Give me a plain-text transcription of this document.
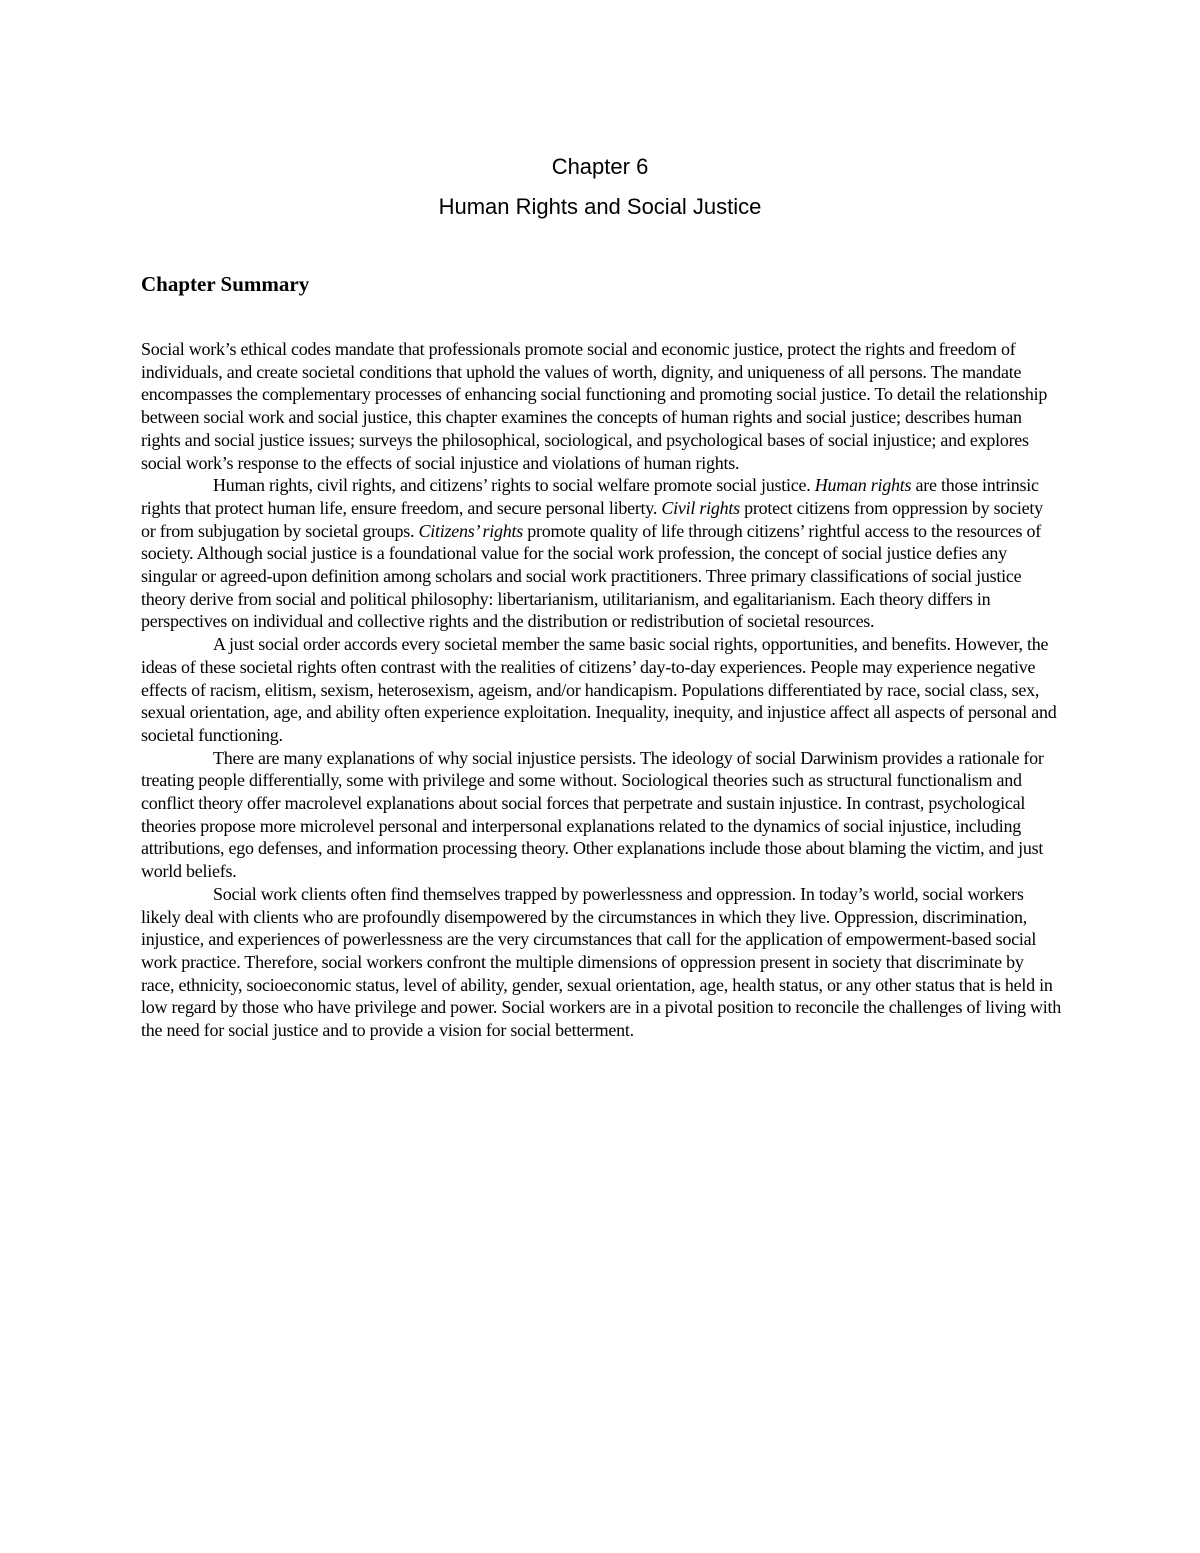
Chapter 6
Human Rights and Social Justice
Chapter Summary

Social work’s ethical codes mandate that professionals promote social and economic justice, protect the rights and freedom of individuals, and create societal conditions that uphold the values of worth, dignity, and uniqueness of all persons. The mandate encompasses the complementary processes of enhancing social functioning and promoting social justice. To detail the relationship between social work and social justice, this chapter examines the concepts of human rights and social justice; describes human rights and social justice issues; surveys the philosophical, sociological, and psychological bases of social injustice; and explores social work’s response to the effects of social injustice and violations of human rights.

Human rights, civil rights, and citizens’ rights to social welfare promote social justice. Human rights are those intrinsic rights that protect human life, ensure freedom, and secure personal liberty. Civil rights protect citizens from oppression by society or from subjugation by societal groups. Citizens’ rights promote quality of life through citizens’ rightful access to the resources of society. Although social justice is a foundational value for the social work profession, the concept of social justice defies any singular or agreed-upon definition among scholars and social work practitioners. Three primary classifications of social justice theory derive from social and political philosophy: libertarianism, utilitarianism, and egalitarianism. Each theory differs in perspectives on individual and collective rights and the distribution or redistribution of societal resources.

A just social order accords every societal member the same basic social rights, opportunities, and benefits. However, the ideas of these societal rights often contrast with the realities of citizens’ day-to-day experiences. People may experience negative effects of racism, elitism, sexism, heterosexism, ageism, and/or handicapism. Populations differentiated by race, social class, sex, sexual orientation, age, and ability often experience exploitation. Inequality, inequity, and injustice affect all aspects of personal and societal functioning.

There are many explanations of why social injustice persists. The ideology of social Darwinism provides a rationale for treating people differentially, some with privilege and some without. Sociological theories such as structural functionalism and conflict theory offer macrolevel explanations about social forces that perpetrate and sustain injustice. In contrast, psychological theories propose more microlevel personal and interpersonal explanations related to the dynamics of social injustice, including attributions, ego defenses, and information processing theory. Other explanations include those about blaming the victim, and just world beliefs.

Social work clients often find themselves trapped by powerlessness and oppression. In today’s world, social workers likely deal with clients who are profoundly disempowered by the circumstances in which they live. Oppression, discrimination, injustice, and experiences of powerlessness are the very circumstances that call for the application of empowerment-based social work practice. Therefore, social workers confront the multiple dimensions of oppression present in society that discriminate by race, ethnicity, socioeconomic status, level of ability, gender, sexual orientation, age, health status, or any other status that is held in low regard by those who have privilege and power. Social workers are in a pivotal position to reconcile the challenges of living with the need for social justice and to provide a vision for social betterment.
